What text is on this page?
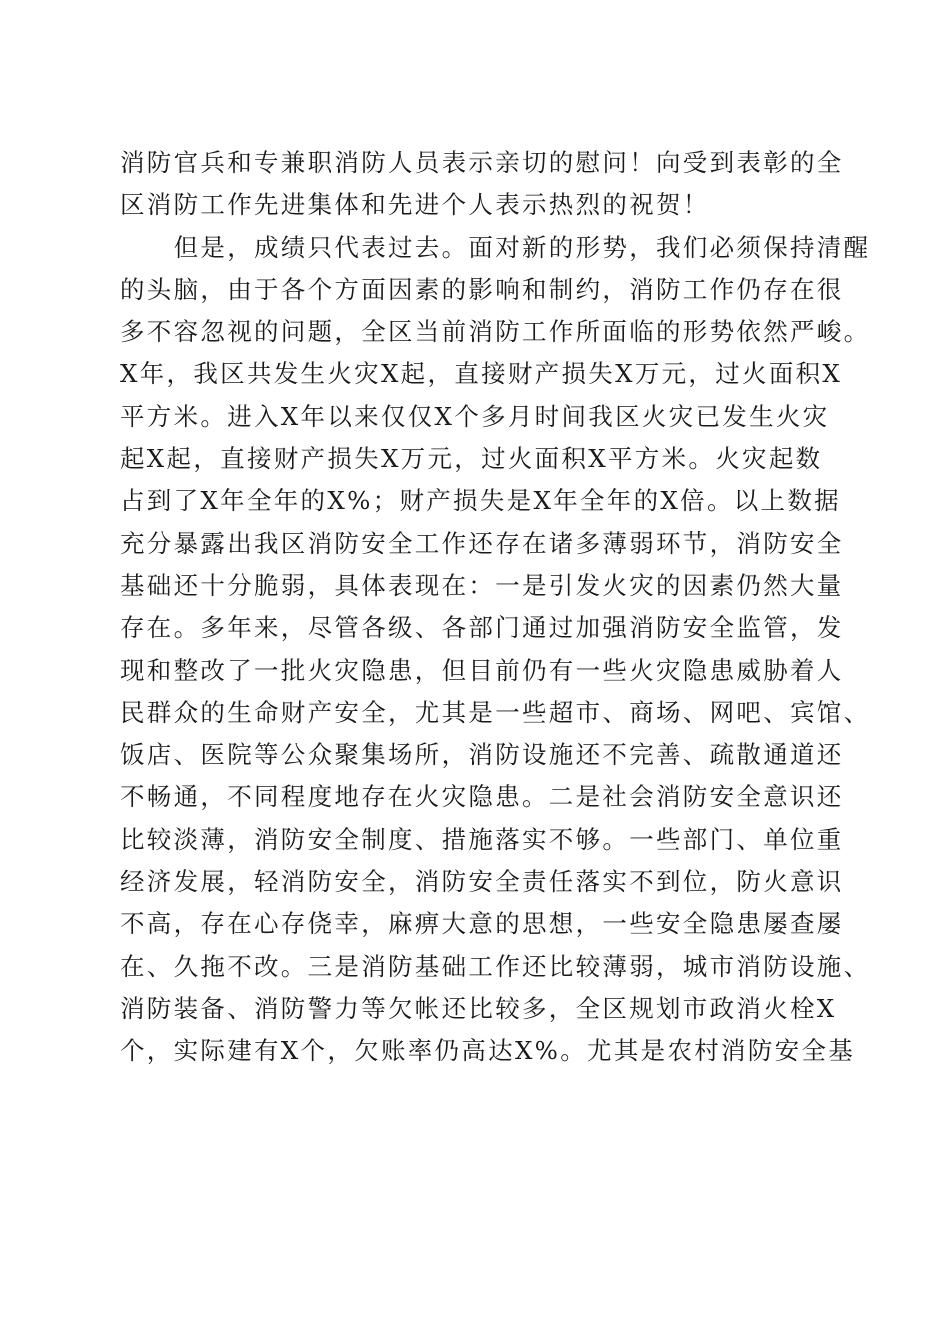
消防官兵和专兼职消防人员表示亲切的慰问！向受到表彰的全
区消防工作先进集体和先进个人表示热烈的祝贺！
　　但是，成绩只代表过去。面对新的形势，我们必须保持清醒
的头脑，由于各个方面因素的影响和制约，消防工作仍存在很
多不容忽视的问题，全区当前消防工作所面临的形势依然严峻。
X年，我区共发生火灾X起，直接财产损失X万元，过火面积X
平方米。进入X年以来仅仅X个多月时间我区火灾已发生火灾
起X起，直接财产损失X万元，过火面积X平方米。火灾起数
占到了X年全年的X%；财产损失是X年全年的X倍。以上数据
充分暴露出我区消防安全工作还存在诸多薄弱环节，消防安全
基础还十分脆弱，具体表现在：一是引发火灾的因素仍然大量
存在。多年来，尽管各级、各部门通过加强消防安全监管，发
现和整改了一批火灾隐患，但目前仍有一些火灾隐患威胁着人
民群众的生命财产安全，尤其是一些超市、商场、网吧、宾馆、
饭店、医院等公众聚集场所，消防设施还不完善、疏散通道还
不畅通，不同程度地存在火灾隐患。二是社会消防安全意识还
比较淡薄，消防安全制度、措施落实不够。一些部门、单位重
经济发展，轻消防安全，消防安全责任落实不到位，防火意识
不高，存在心存侥幸，麻痹大意的思想，一些安全隐患屡查屡
在、久拖不改。三是消防基础工作还比较薄弱，城市消防设施、
消防装备、消防警力等欠帐还比较多，全区规划市政消火栓X
个，实际建有X个，欠账率仍高达X%。尤其是农村消防安全基
